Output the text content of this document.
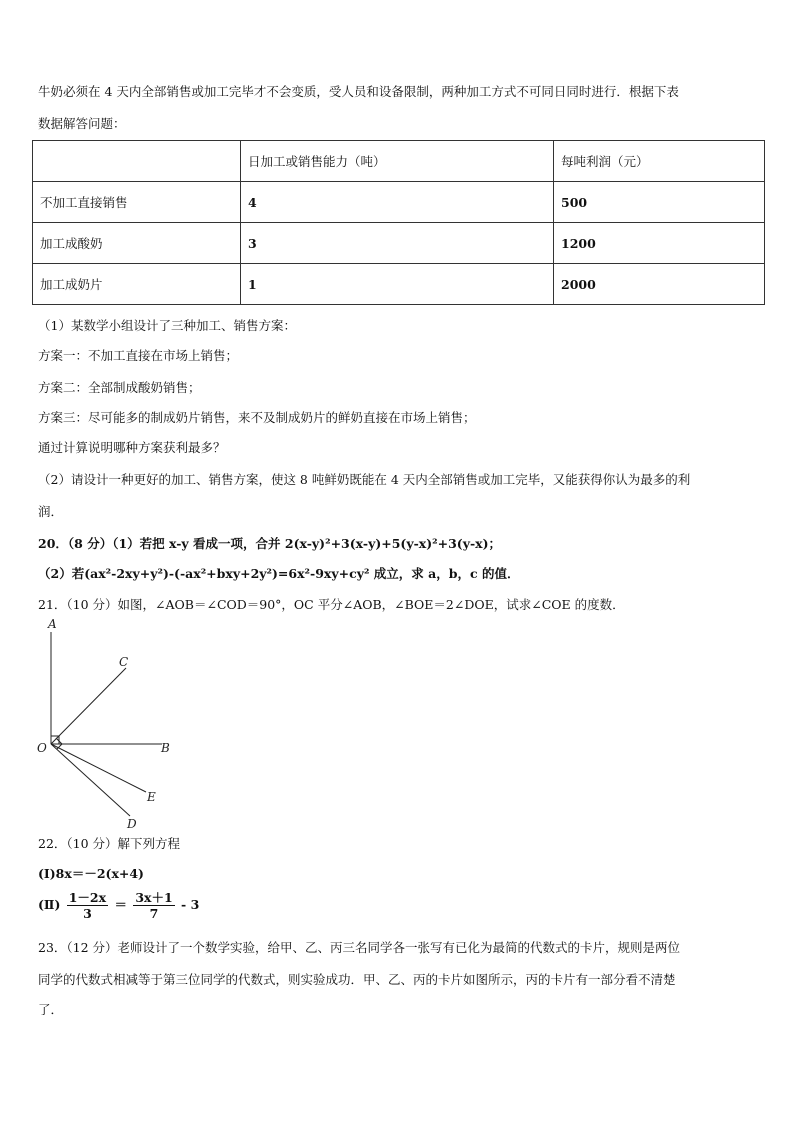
牛奶必须在 4 天内全部销售或加工完毕才不会变质，受人员和设备限制，两种加工方式不可同日同时进行．根据下表
数据解答问题：
	日加工或销售能力（吨）	每吨利润（元）
不加工直接销售	4	500
加工成酸奶	3	1200
加工成奶片	1	2000
（1）某数学小组设计了三种加工、销售方案：
方案一：不加工直接在市场上销售；
方案二：全部制成酸奶销售；
方案三：尽可能多的制成奶片销售，来不及制成奶片的鲜奶直接在市场上销售；
通过计算说明哪种方案获利最多？
（2）请设计一种更好的加工、销售方案，使这 8 吨鲜奶既能在 4 天内全部销售或加工完毕，又能获得你认为最多的利
润．
20．（8 分）（1）若把 x-y 看成一项，合并 2(x-y)²+3(x-y)+5(y-x)²+3(y-x)；
（2）若(ax²-2xy+y²)-(-ax²+bxy+2y²)=6x²-9xy+cy² 成立，求 a，b，c 的值．
21．（10 分）如图，∠AOB＝∠COD＝90°，OC 平分∠AOB，∠BOE＝2∠DOE，试求∠COE 的度数．
A
C
O	B
E
D
22．（10 分）解下列方程
(Ⅰ)8x＝－2(x+4)
(Ⅱ) $\frac{1-2x}{3} = \frac{3x+1}{7} - 3$
23．（12 分）老师设计了一个数学实验，给甲、乙、丙三名同学各一张写有已化为最简的代数式的卡片，规则是两位
同学的代数式相减等于第三位同学的代数式，则实验成功．甲、乙、丙的卡片如图所示，丙的卡片有一部分看不清楚
了．
